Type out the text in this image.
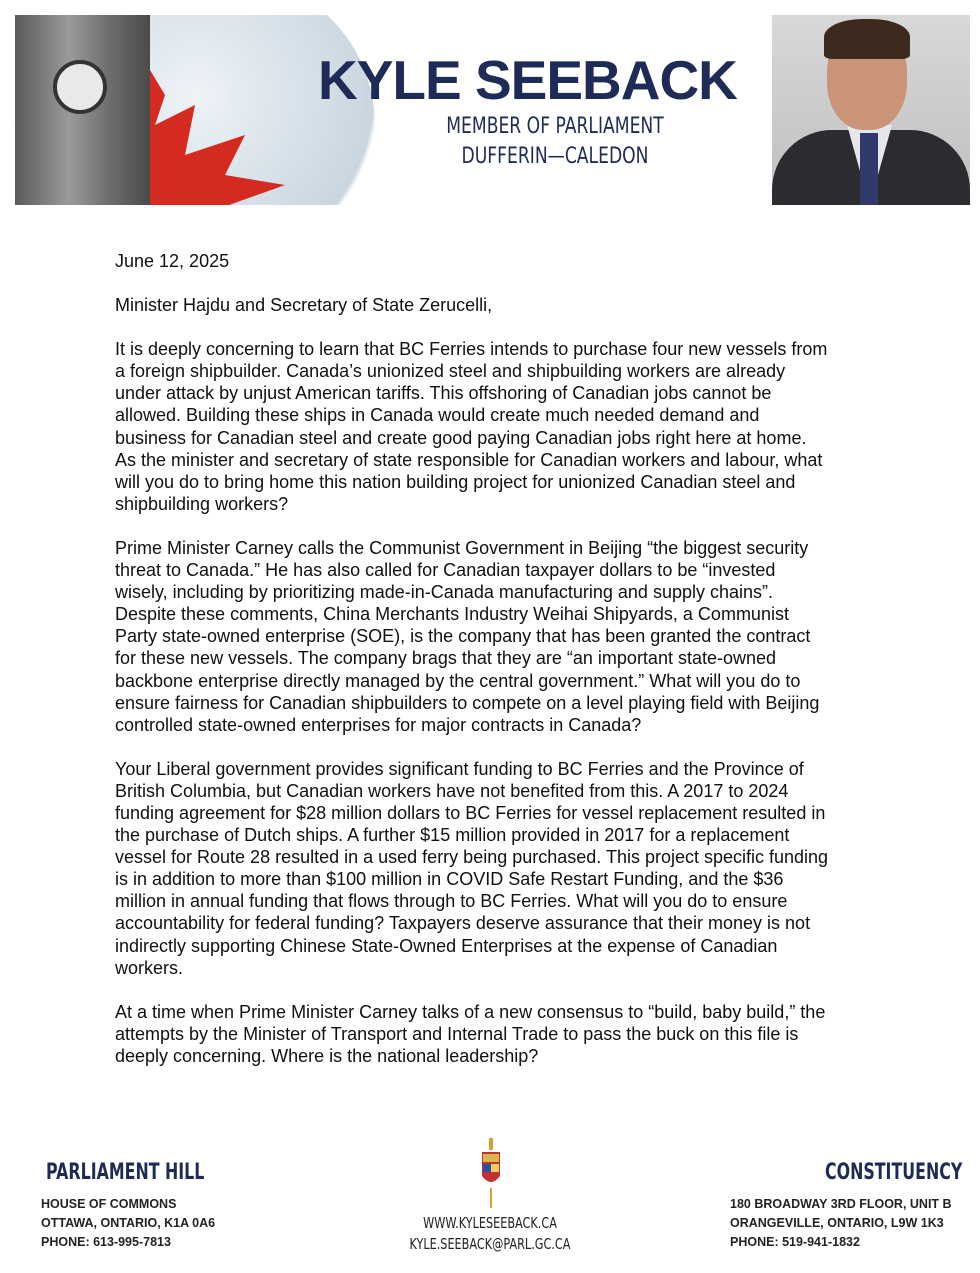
KYLE SEEBACK
MEMBER OF PARLIAMENT
DUFFERIN—CALEDON

June 12, 2025

Minister Hajdu and Secretary of State Zerucelli,

It is deeply concerning to learn that BC Ferries intends to purchase four new vessels from
a foreign shipbuilder. Canada’s unionized steel and shipbuilding workers are already
under attack by unjust American tariffs. This offshoring of Canadian jobs cannot be
allowed. Building these ships in Canada would create much needed demand and
business for Canadian steel and create good paying Canadian jobs right here at home.
As the minister and secretary of state responsible for Canadian workers and labour, what
will you do to bring home this nation building project for unionized Canadian steel and
shipbuilding workers?

Prime Minister Carney calls the Communist Government in Beijing “the biggest security
threat to Canada.” He has also called for Canadian taxpayer dollars to be “invested
wisely, including by prioritizing made-in-Canada manufacturing and supply chains”.
Despite these comments, China Merchants Industry Weihai Shipyards, a Communist
Party state-owned enterprise (SOE), is the company that has been granted the contract
for these new vessels. The company brags that they are “an important state-owned
backbone enterprise directly managed by the central government.” What will you do to
ensure fairness for Canadian shipbuilders to compete on a level playing field with Beijing
controlled state-owned enterprises for major contracts in Canada?

Your Liberal government provides significant funding to BC Ferries and the Province of
British Columbia, but Canadian workers have not benefited from this. A 2017 to 2024
funding agreement for $28 million dollars to BC Ferries for vessel replacement resulted in
the purchase of Dutch ships. A further $15 million provided in 2017 for a replacement
vessel for Route 28 resulted in a used ferry being purchased. This project specific funding
is in addition to more than $100 million in COVID Safe Restart Funding, and the $36
million in annual funding that flows through to BC Ferries. What will you do to ensure
accountability for federal funding? Taxpayers deserve assurance that their money is not
indirectly supporting Chinese State-Owned Enterprises at the expense of Canadian
workers.

At a time when Prime Minister Carney talks of a new consensus to “build, baby build,” the
attempts by the Minister of Transport and Internal Trade to pass the buck on this file is
deeply concerning. Where is the national leadership?

PARLIAMENT HILL
HOUSE OF COMMONS
OTTAWA, ONTARIO, K1A 0A6
PHONE: 613-995-7813
WWW.KYLESEEBACK.CA
KYLE.SEEBACK@PARL.GC.CA
CONSTITUENCY
180 BROADWAY 3RD FLOOR, UNIT B
ORANGEVILLE, ONTARIO, L9W 1K3
PHONE: 519-941-1832
